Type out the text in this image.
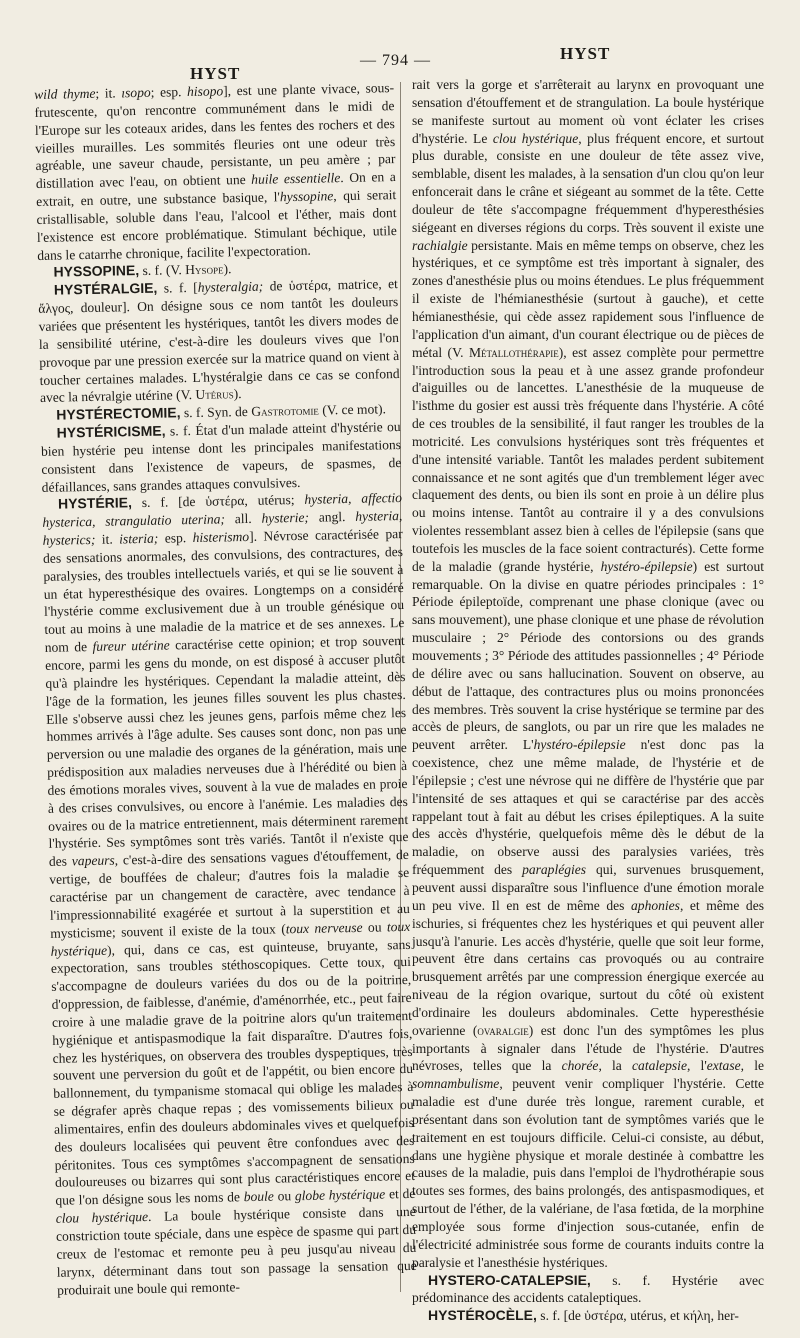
HYST
— 794 —	HYST

wild thyme; it. ısopo; esp. hisopo], est une plante vivace, sous-frutescente, qu'on rencontre communément dans le midi de l'Europe sur les coteaux arides, dans les fentes des rochers et des vieilles murailles. Les sommités fleuries ont une odeur très agréable, une saveur chaude, persistante, un peu amère ; par distillation avec l'eau, on obtient une huile essentielle. On en a extrait, en outre, une substance basique, l'hyssopine, qui serait cristallisable, soluble dans l'eau, l'alcool et l'éther, mais dont l'existence est encore problématique. Stimulant béchique, utile dans le catarrhe chronique, facilite l'expectoration.

HYSSOPINE, s. f. (V. Hysope).

HYSTÉRALGIE, s. f. [hysteralgia; de ὑστέρα, matrice, et ἄλγος, douleur]. On désigne sous ce nom tantôt les douleurs variées que présentent les hystériques, tantôt les divers modes de la sensibilité utérine, c'est-à-dire les douleurs vives que l'on provoque par une pression exercée sur la matrice quand on vient à toucher certaines malades. L'hystéralgie dans ce cas se confond avec la névralgie utérine (V. Utérus).

HYSTÉRECTOMIE, s. f. Syn. de Gastrotomie (V. ce mot).

HYSTÉRICISME, s. f. État d'un malade atteint d'hystérie ou bien hystérie peu intense dont les principales manifestations consistent dans l'existence de vapeurs, de spasmes, de défaillances, sans grandes attaques convulsives.

HYSTÉRIE, s. f. [de ὑστέρα, utérus; hysteria, affectio hysterica, strangulatio uterina; all. hysterie; angl. hysteria, hysterics; it. isteria; esp. histerismo]. Névrose caractérisée par des sensations anormales, des convulsions, des contractures, des paralysies, des troubles intellectuels variés, et qui se lie souvent à un état hyperesthésique des ovaires. Longtemps on a considéré l'hystérie comme exclusivement due à un trouble génésique ou tout au moins à une maladie de la matrice et de ses annexes. Le nom de fureur utérine caractérise cette opinion; et trop souvent encore, parmi les gens du monde, on est disposé à accuser plutôt qu'à plaindre les hystériques. Cependant la maladie atteint, dès l'âge de la formation, les jeunes filles souvent les plus chastes. Elle s'observe aussi chez les jeunes gens, parfois même chez les hommes arrivés à l'âge adulte. Ses causes sont donc, non pas une perversion ou une maladie des organes de la génération, mais une prédisposition aux maladies nerveuses due à l'hérédité ou bien à des émotions morales vives, souvent à la vue de malades en proie à des crises convulsives, ou encore à l'anémie. Les maladies des ovaires ou de la matrice entretiennent, mais déterminent rarement l'hystérie. Ses symptômes sont très variés. Tantôt il n'existe que des vapeurs, c'est-à-dire des sensations vagues d'étouffement, de vertige, de bouffées de chaleur; d'autres fois la maladie se caractérise par un changement de caractère, avec tendance à l'impressionnabilité exagérée et surtout à la superstition et au mysticisme; souvent il existe de la toux (toux nerveuse ou toux hystérique), qui, dans ce cas, est quinteuse, bruyante, sans expectoration, sans troubles stéthoscopiques. Cette toux, qui s'accompagne de douleurs variées du dos ou de la poitrine, d'oppression, de faiblesse, d'anémie, d'aménorrhée, etc., peut faire croire à une maladie grave de la poitrine alors qu'un traitement hygiénique et antispasmodique la fait disparaître. D'autres fois, chez les hystériques, on observera des troubles dyspeptiques, très souvent une perversion du goût et de l'appétit, ou bien encore du ballonnement, du tympanisme stomacal qui oblige les malades à se dégrafer après chaque repas ; des vomissements bilieux ou alimentaires, enfin des douleurs abdominales vives et quelquefois des douleurs localisées qui peuvent être confondues avec des péritonites. Tous ces symptômes s'accompagnent de sensations douloureuses ou bizarres qui sont plus caractéristiques encore et que l'on désigne sous les noms de boule ou globe hystérique et de clou hystérique. La boule hystérique consiste dans une constriction toute spéciale, dans une espèce de spasme qui part du creux de l'estomac et remonte peu à peu jusqu'au niveau du larynx, déterminant dans tout son passage la sensation que produirait une boule qui remonte-

rait vers la gorge et s'arrêterait au larynx en provoquant une sensation d'étouffement et de strangulation. La boule hystérique se manifeste surtout au moment où vont éclater les crises d'hystérie. Le clou hystérique, plus fréquent encore, et surtout plus durable, consiste en une douleur de tête assez vive, semblable, disent les malades, à la sensation d'un clou qu'on leur enfoncerait dans le crâne et siégeant au sommet de la tête. Cette douleur de tête s'accompagne fréquemment d'hyperesthésies siégeant en diverses régions du corps. Très souvent il existe une rachialgie persistante. Mais en même temps on observe, chez les hystériques, et ce symptôme est très important à signaler, des zones d'anesthésie plus ou moins étendues. Le plus fréquemment il existe de l'hémianesthésie (surtout à gauche), et cette hémianesthésie, qui cède assez rapidement sous l'influence de l'application d'un aimant, d'un courant électrique ou de pièces de métal (V. Métallothérapie), est assez complète pour permettre l'introduction sous la peau et à une assez grande profondeur d'aiguilles ou de lancettes. L'anesthésie de la muqueuse de l'isthme du gosier est aussi très fréquente dans l'hystérie. A côté de ces troubles de la sensibilité, il faut ranger les troubles de la motricité. Les convulsions hystériques sont très fréquentes et d'une intensité variable. Tantôt les malades perdent subitement connaissance et ne sont agités que d'un tremblement léger avec claquement des dents, ou bien ils sont en proie à un délire plus ou moins intense. Tantôt au contraire il y a des convulsions violentes ressemblant assez bien à celles de l'épilepsie (sans que toutefois les muscles de la face soient contracturés). Cette forme de la maladie (grande hystérie, hystéro-épilepsie) est surtout remarquable. On la divise en quatre périodes principales : 1° Période épileptoïde, comprenant une phase clonique (avec ou sans mouvement), une phase clonique et une phase de révolution musculaire ; 2° Période des contorsions ou des grands mouvements ; 3° Période des attitudes passionnelles ; 4° Période de délire avec ou sans hallucination. Souvent on observe, au début de l'attaque, des contractures plus ou moins prononcées des membres. Très souvent la crise hystérique se termine par des accès de pleurs, de sanglots, ou par un rire que les malades ne peuvent arrêter. L'hystéro-épilepsie n'est donc pas la coexistence, chez une même malade, de l'hystérie et de l'épilepsie ; c'est une névrose qui ne diffère de l'hystérie que par l'intensité de ses attaques et qui se caractérise par des accès rappelant tout à fait au début les crises épileptiques. A la suite des accès d'hystérie, quelquefois même dès le début de la maladie, on observe aussi des paralysies variées, très fréquemment des paraplégies qui, survenues brusquement, peuvent aussi disparaître sous l'influence d'une émotion morale un peu vive. Il en est de même des aphonies, et même des ischuries, si fréquentes chez les hystériques et qui peuvent aller jusqu'à l'anurie. Les accès d'hystérie, quelle que soit leur forme, peuvent être dans certains cas provoqués ou au contraire brusquement arrêtés par une compression énergique exercée au niveau de la région ovarique, surtout du côté où existent d'ordinaire les douleurs abdominales. Cette hyperesthésie ovarienne (ovaralgie) est donc l'un des symptômes les plus importants à signaler dans l'étude de l'hystérie. D'autres névroses, telles que la chorée, la catalepsie, l'extase, le somnambulisme, peuvent venir compliquer l'hystérie. Cette maladie est d'une durée très longue, rarement curable, et présentant dans son évolution tant de symptômes variés que le traitement en est toujours difficile. Celui-ci consiste, au début, dans une hygiène physique et morale destinée à combattre les causes de la maladie, puis dans l'emploi de l'hydrothérapie sous toutes ses formes, des bains prolongés, des antispasmodiques, et surtout de l'éther, de la valériane, de l'asa fœtida, de la morphine employée sous forme d'injection sous-cutanée, enfin de l'électricité administrée sous forme de courants induits contre la paralysie et l'anesthésie hystériques.

HYSTERO-CATALEPSIE, s. f. Hystérie avec prédominance des accidents cataleptiques.

HYSTÉROCÈLE, s. f. [de ὑστέρα, utérus, et κήλη, her-
